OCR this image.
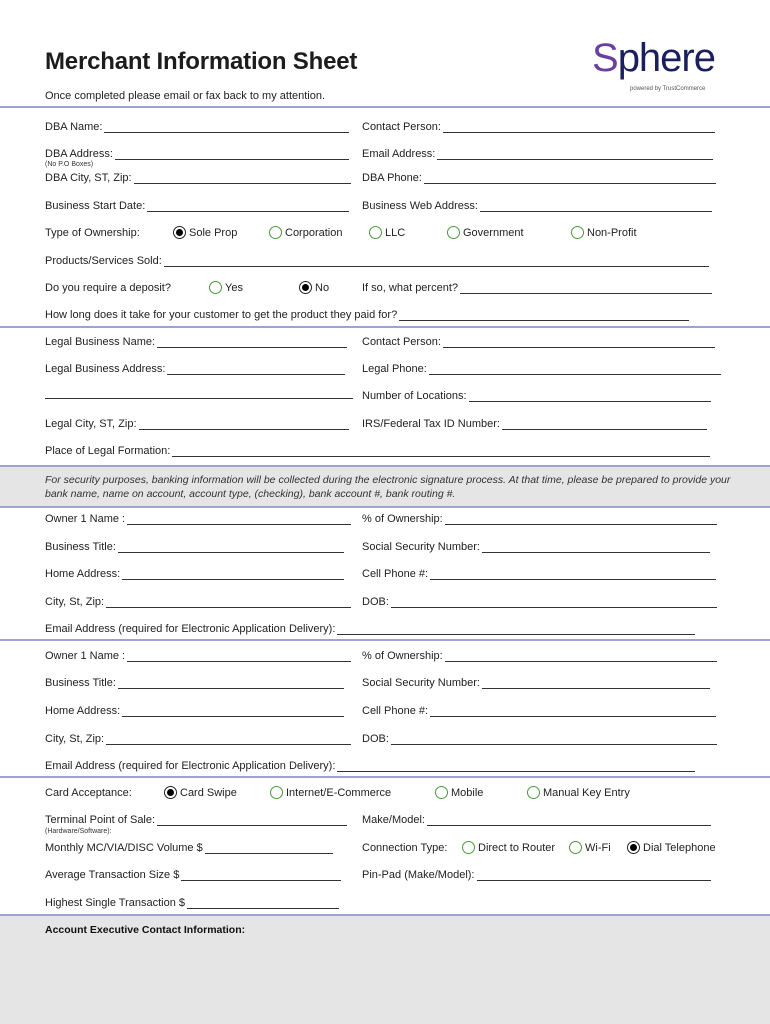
Merchant Information Sheet
Once completed please email or fax back to my attention.
Sphere
powered by TrustCommerce
DBA Name:	Contact Person:
DBA Address:	Email Address:
(No P.O Boxes)
DBA City, ST, Zip:	DBA Phone:
Business Start Date:	Business Web Address:
Type of Ownership:	Sole Prop	Corporation	LLC	Government	Non-Profit
Products/Services Sold:
Do you require a deposit?	Yes	No	If so, what percent?
How long does it take for your customer to get the product they paid for?
Legal Business Name:	Contact Person:
Legal Business Address:	Legal Phone:
Number of Locations:
Legal City, ST, Zip:	IRS/Federal Tax ID Number:
Place of Legal Formation:
For security purposes, banking information will be collected during the electronic signature process. At that time, please be prepared to provide your bank name, name on account, account type, (checking), bank account #, bank routing #.
Owner 1 Name :	% of Ownership:
Business Title:	Social Security Number:
Home Address:	Cell Phone #:
City, St, Zip:	DOB:
Email Address (required for Electronic Application Delivery):
Owner 1 Name :	% of Ownership:
Business Title:	Social Security Number:
Home Address:	Cell Phone #:
City, St, Zip:	DOB:
Email Address (required for Electronic Application Delivery):
Card Acceptance:	Card Swipe	Internet/E-Commerce	Mobile	Manual Key Entry
Terminal Point of Sale:	Make/Model:
(Hardware/Software):
Monthly MC/VIA/DISC Volume $	Connection Type:	Direct to Router	Wi-Fi	Dial Telephone
Average Transaction Size $	Pin-Pad (Make/Model):
Highest Single Transaction $
Account Executive Contact Information:
